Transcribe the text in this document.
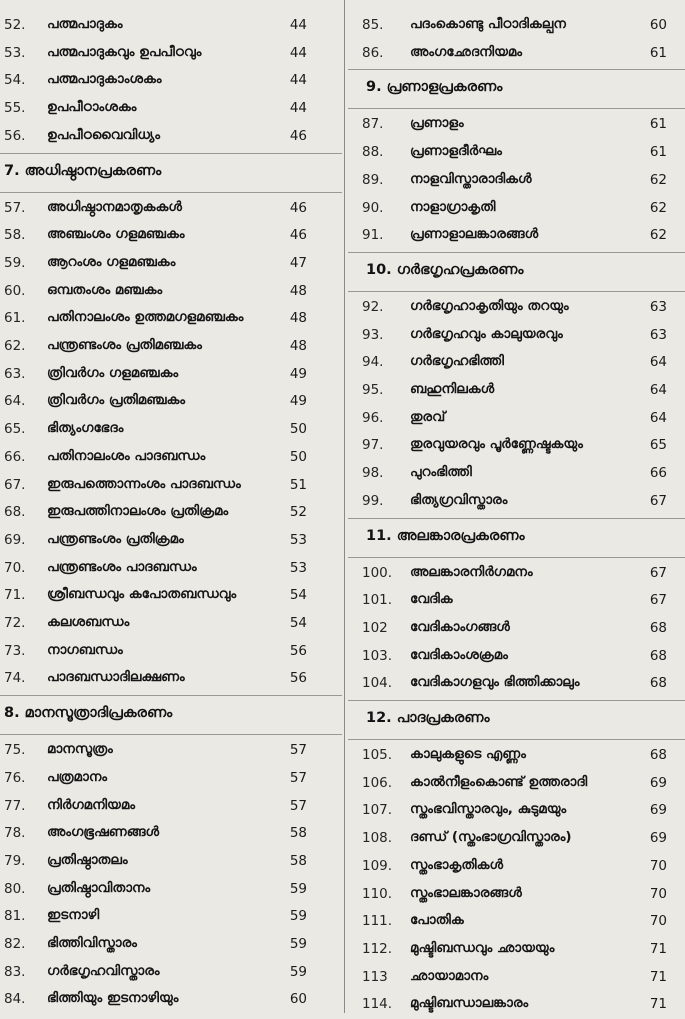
52. പത്മപാദുകം	44
53. പത്മപാദുകവും ഉപപീഠവും	44
54. പത്മപാദുകാംശകം	44
55. ഉപപീഠാംശകം	44
56. ഉപപീഠവൈവിധ്യം	46
7. അധിഷ്ഠാനപ്രകരണം
57. അധിഷ്ഠാനമാതൃകകൾ	46
58. അഞ്ചംശം ഗളമഞ്ചകം	46
59. ആറംശം ഗളമഞ്ചകം	47
60. ഒമ്പതംശം മഞ്ചകം	48
61. പതിനാലംശം ഉത്തമഗളമഞ്ചകം	48
62. പന്ത്രണ്ടംശം പ്രതിമഞ്ചകം	48
63. ത്രിവർഗം ഗളമഞ്ചകം	49
64. ത്രിവർഗം പ്രതിമഞ്ചകം	49
65. ഭിത്യംഗഭേദം	50
66. പതിനാലംശം പാദബന്ധം	50
67. ഇരുപത്തൊന്നംശം പാദബന്ധം	51
68. ഇരുപത്തിനാലംശം പ്രതിക്രമം	52
69. പന്ത്രണ്ടംശം പ്രതിക്രമം	53
70. പന്ത്രണ്ടംശം പാദബന്ധം	53
71. ശ്രീബന്ധവും കപോതബന്ധവും	54
72. കലശബന്ധം	54
73. നാഗബന്ധം	56
74. പാദബന്ധാദിലക്ഷണം	56
8. മാനസൂത്രാദിപ്രകരണം
75. മാനസൂത്രം	57
76. പത്രമാനം	57
77. നിർഗമനിയമം	57
78. അംഗഭൂഷണങ്ങൾ	58
79. പ്രതിഷ്ഠാതലം	58
80. പ്രതിഷ്ഠാവിതാനം	59
81. ഇടനാഴി	59
82. ഭിത്തിവിസ്താരം	59
83. ഗർഭഗൃഹവിസ്താരം	59
84. ഭിത്തിയും ഇടനാഴിയും	60
85. പദംകൊണ്ടു പീഠാദികല്പന	60
86. അംഗഛേദനിയമം	61
9. പ്രണാളപ്രകരണം
87. പ്രണാളം	61
88. പ്രണാളദീർഘം	61
89. നാളവിസ്താരാദികൾ	62
90. നാളാഗ്രാകൃതി	62
91. പ്രണാളാലങ്കാരങ്ങൾ	62
10. ഗർഭഗൃഹപ്രകരണം
92. ഗർഭഗൃഹാകൃതിയും തറയും	63
93. ഗർഭഗൃഹവും കാലുയരവും	63
94. ഗർഭഗൃഹഭിത്തി	64
95. ബഹുനിലകൾ	64
96. തുരവ്	64
97. തുരവുയരവും പൂർണ്ണേഷ്ടകയും	65
98. പുറംഭിത്തി	66
99. ഭിത്യഗ്രവിസ്താരം	67
11. അലങ്കാരപ്രകരണം
100. അലങ്കാരനിർഗമനം	67
101. വേദിക	67
102 വേദികാംഗങ്ങൾ	68
103. വേദികാംശക്രമം	68
104. വേദികാഗളവും ഭിത്തിക്കാലും	68
12. പാദപ്രകരണം
105. കാലുകളുടെ എണ്ണം	68
106. കാൽനീളംകൊണ്ട് ഉത്തരാദി	69
107. സ്തംഭവിസ്താരവും, കുടുമയും	69
108. ദണ്ഡ് (സ്തംഭാഗ്രവിസ്താരം)	69
109. സ്തംഭാകൃതികൾ	70
110. സ്തംഭാലങ്കാരങ്ങൾ	70
111. പോതിക	70
112. മുഷ്ടിബന്ധവും ഛായയും	71
113 ഛായാമാനം	71
114. മുഷ്ടിബന്ധാലങ്കാരം	71
